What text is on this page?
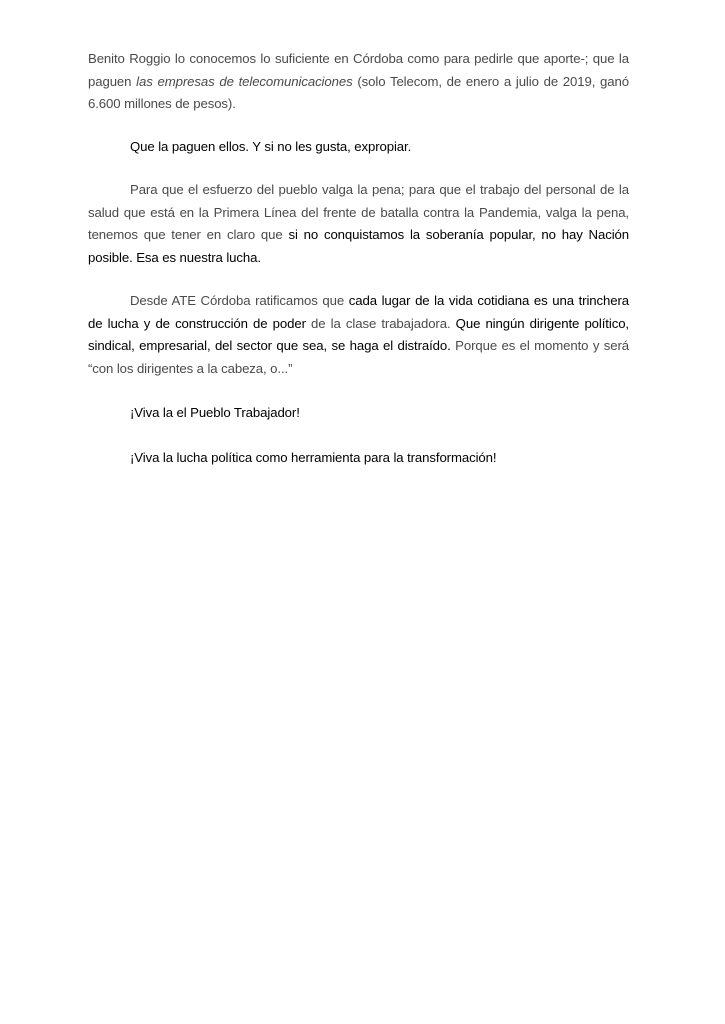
Benito Roggio lo conocemos lo suficiente en Córdoba como para pedirle que aporte-; que la paguen las empresas de telecomunicaciones (solo Telecom, de enero a julio de 2019, ganó 6.600 millones de pesos).

Que la paguen ellos. Y si no les gusta, expropiar.

Para que el esfuerzo del pueblo valga la pena; para que el trabajo del personal de la salud que está en la Primera Línea del frente de batalla contra la Pandemia, valga la pena, tenemos que tener en claro que si no conquistamos la soberanía popular, no hay Nación posible. Esa es nuestra lucha.

Desde ATE Córdoba ratificamos que cada lugar de la vida cotidiana es una trinchera de lucha y de construcción de poder de la clase trabajadora. Que ningún dirigente político, sindical, empresarial, del sector que sea, se haga el distraído. Porque es el momento y será “con los dirigentes a la cabeza, o...”

¡Viva la el Pueblo Trabajador!

¡Viva la lucha política como herramienta para la transformación!
